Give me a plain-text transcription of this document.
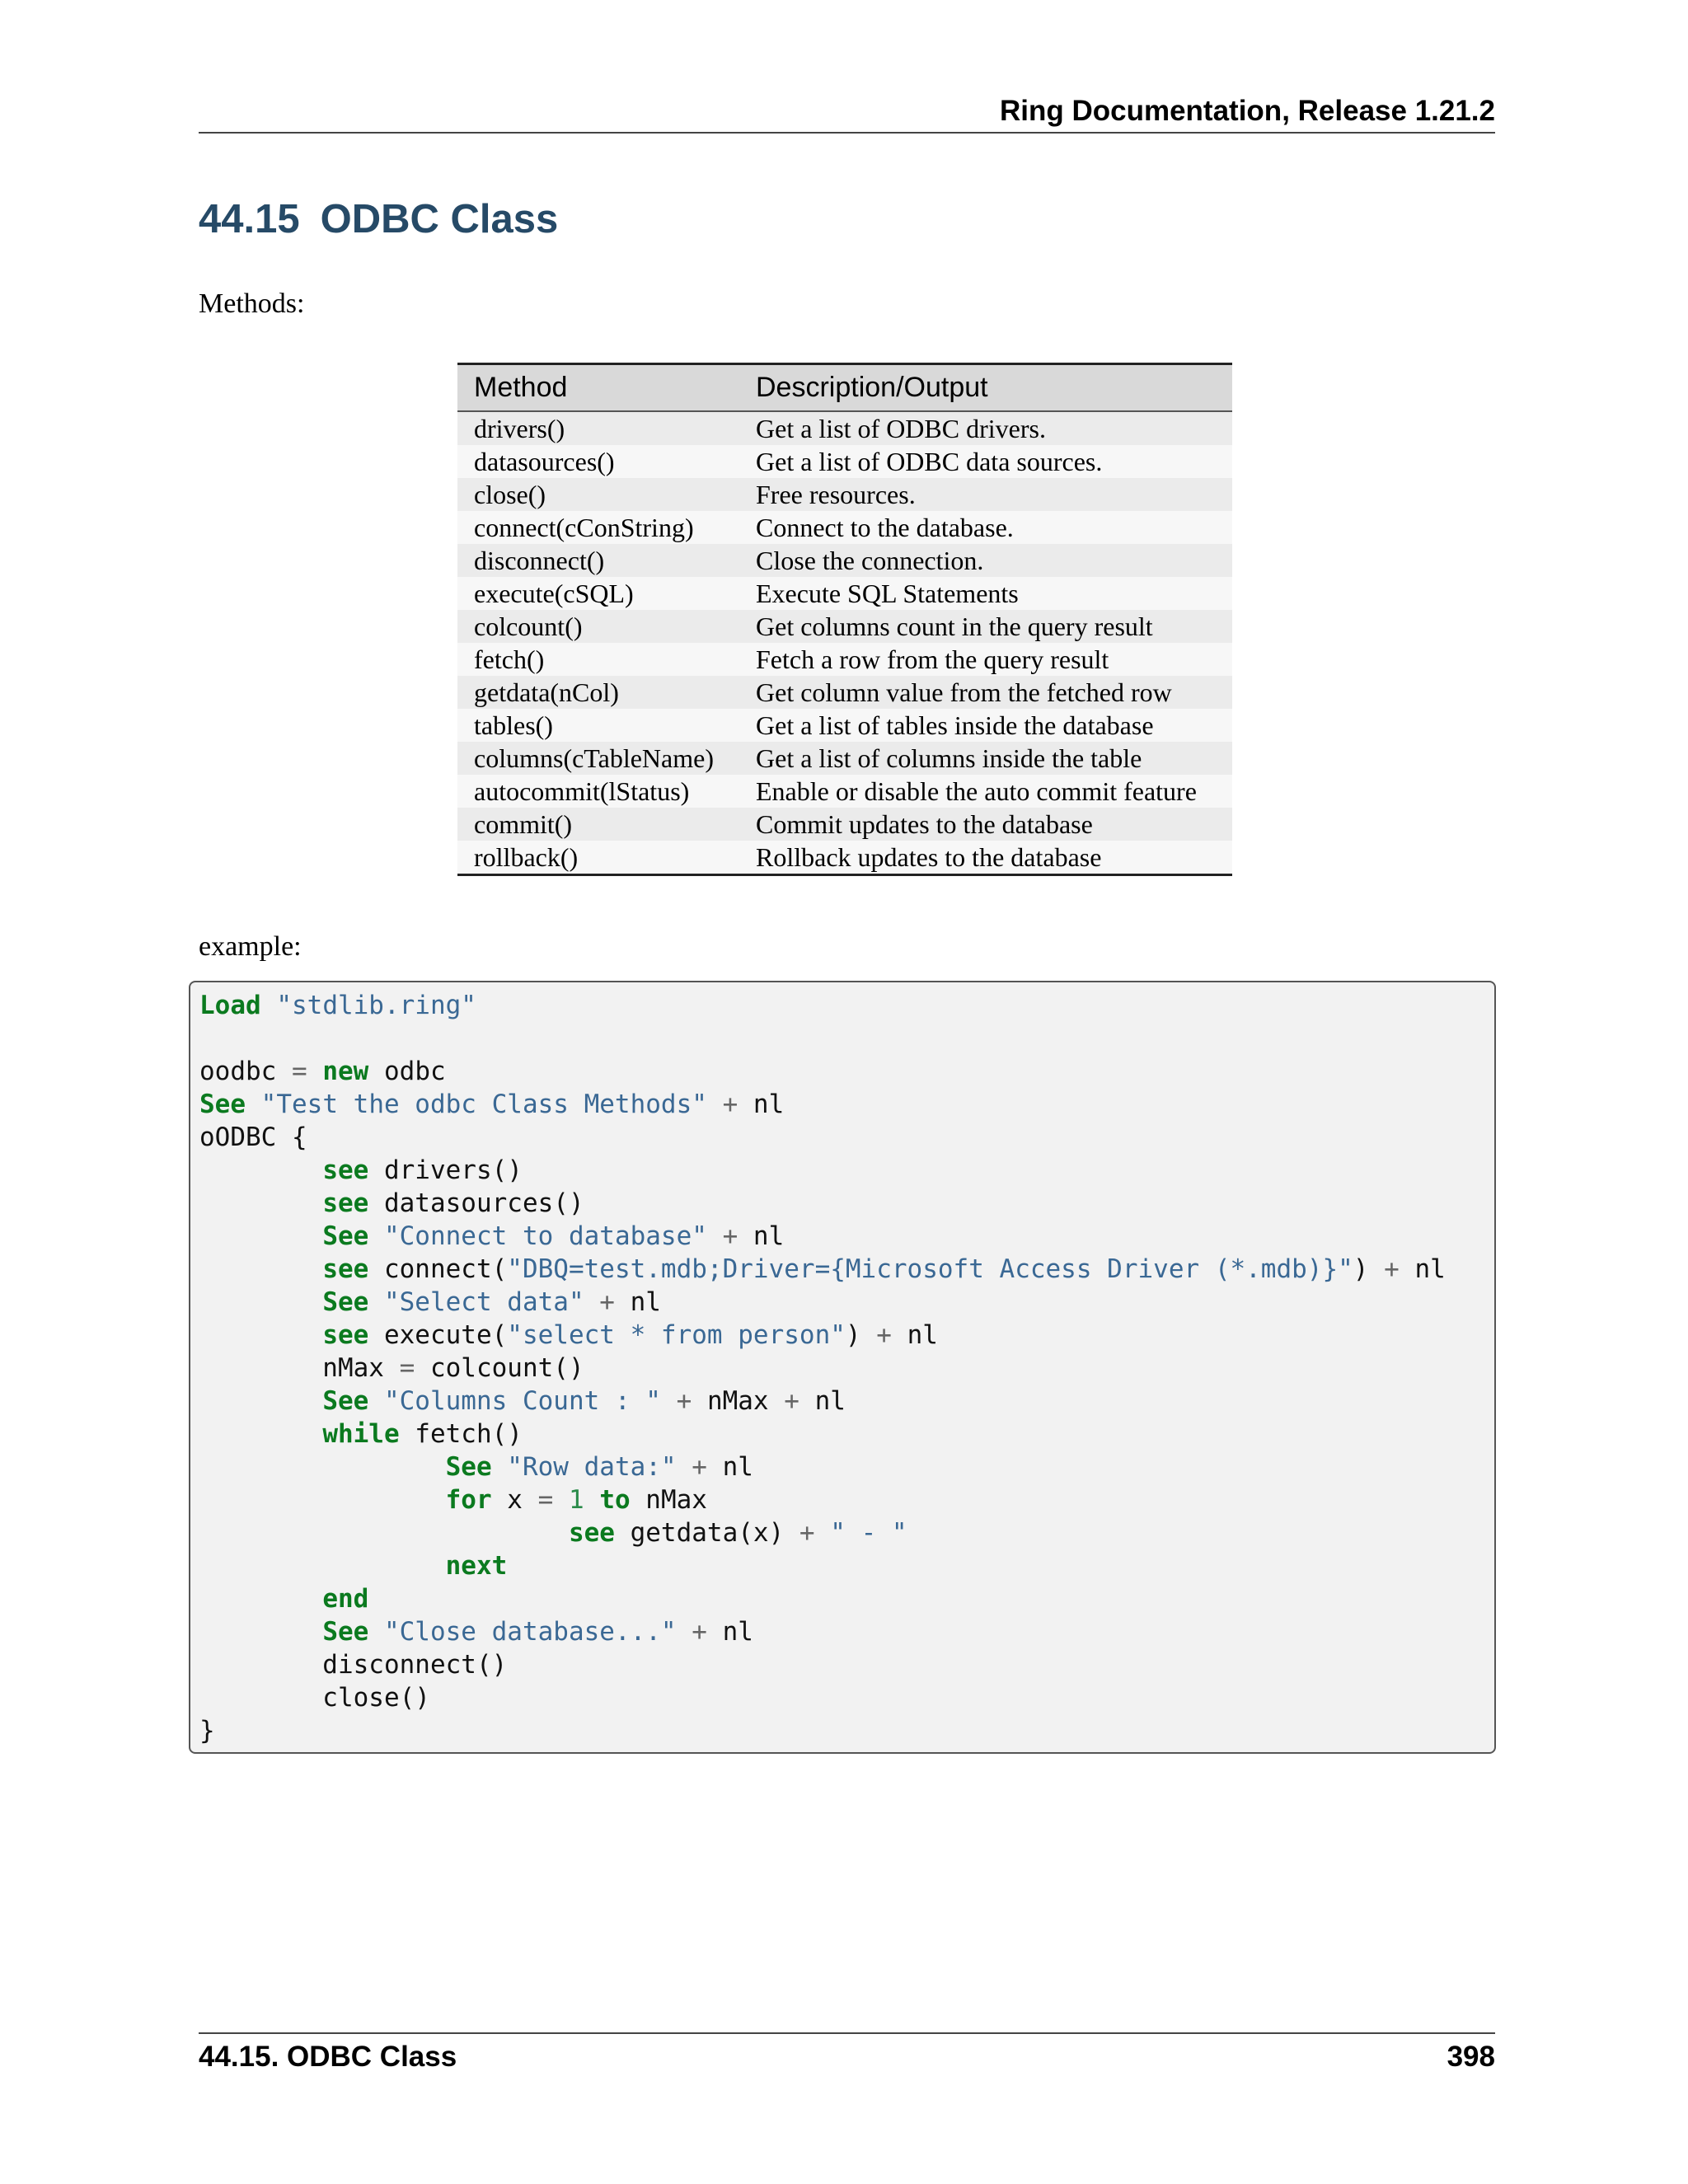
Ring Documentation, Release 1.21.2
44.15 ODBC Class

Methods:

Method	Description/Output
drivers()	Get a list of ODBC drivers.
datasources()	Get a list of ODBC data sources.
close()	Free resources.
connect(cConString)	Connect to the database.
disconnect()	Close the connection.
execute(cSQL)	Execute SQL Statements
colcount()	Get columns count in the query result
fetch()	Fetch a row from the query result
getdata(nCol)	Get column value from the fetched row
tables()	Get a list of tables inside the database
columns(cTableName)	Get a list of columns inside the table
autocommit(lStatus)	Enable or disable the auto commit feature
commit()	Commit updates to the database
rollback()	Rollback updates to the database

example:

Load "stdlib.ring"
oodbc = new odbc
See "Test the odbc Class Methods" + nl
oODBC {
see drivers()
see datasources()
See "Connect to database" + nl
see connect("DBQ=test.mdb;Driver={Microsoft Access Driver (*.mdb)}") + nl
See "Select data" + nl
see execute("select * from person") + nl
nMax = colcount()
See "Columns Count : " + nMax + nl
while fetch()
See "Row data:" + nl
for x = 1 to nMax
see getdata(x) + " - "
next
end
See "Close database..." + nl
disconnect()
close()
}
44.15. ODBC Class	398
